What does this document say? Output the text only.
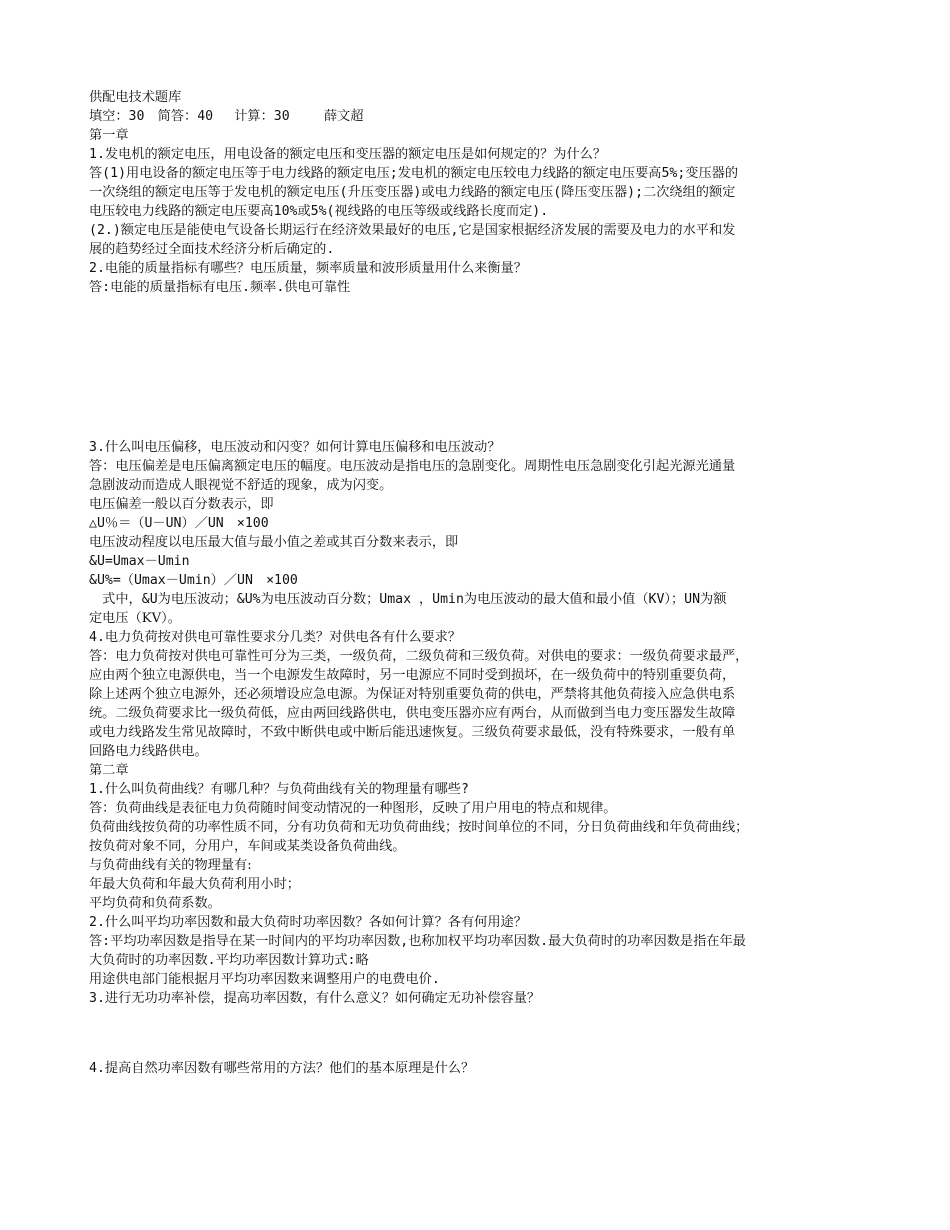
供配电技术题库

填空：30　简答：40　 计算：30 　　薛文超

第一章

1.发电机的额定电压，用电设备的额定电压和变压器的额定电压是如何规定的？为什么？

答(1)用电设备的额定电压等于电力线路的额定电压;发电机的额定电压较电力线路的额定电压要高5%;变压器的

一次绕组的额定电压等于发电机的额定电压(升压变压器)或电力线路的额定电压(降压变压器);二次绕组的额定

电压较电力线路的额定电压要高10%或5%(视线路的电压等级或线路长度而定).

(2.)额定电压是能使电气设备长期运行在经济效果最好的电压,它是国家根据经济发展的需要及电力的水平和发

展的趋势经过全面技术经济分析后确定的.

2.电能的质量指标有哪些？电压质量，频率质量和波形质量用什么来衡量？

答:电能的质量指标有电压.频率.供电可靠性

3.什么叫电压偏移，电压波动和闪变？如何计算电压偏移和电压波动？

答：电压偏差是电压偏离额定电压的幅度。电压波动是指电压的急剧变化。周期性电压急剧变化引起光源光通量

急剧波动而造成人眼视觉不舒适的现象，成为闪变。

电压偏差一般以百分数表示，即

△U％＝（U－UN）／UN　×100

电压波动程度以电压最大值与最小值之差或其百分数来表示，即

&U=Umax－Umin

&U%=（Umax－Umin）／UN　×100

　式中，&U为电压波动；&U%为电压波动百分数；Umax ，Umin为电压波动的最大值和最小值（KV）；UN为额

定电压（KV）。

4.电力负荷按对供电可靠性要求分几类？对供电各有什么要求？

答：电力负荷按对供电可靠性可分为三类，一级负荷，二级负荷和三级负荷。对供电的要求：一级负荷要求最严，

应由两个独立电源供电，当一个电源发生故障时，另一电源应不同时受到损坏，在一级负荷中的特别重要负荷，

除上述两个独立电源外，还必须增设应急电源。为保证对特别重要负荷的供电，严禁将其他负荷接入应急供电系

统。二级负荷要求比一级负荷低，应由两回线路供电，供电变压器亦应有两台，从而做到当电力变压器发生故障

或电力线路发生常见故障时，不致中断供电或中断后能迅速恢复。三级负荷要求最低，没有特殊要求，一般有单

回路电力线路供电。

第二章

1.什么叫负荷曲线？有哪几种？与负荷曲线有关的物理量有哪些?

答：负荷曲线是表征电力负荷随时间变动情况的一种图形，反映了用户用电的特点和规律。

负荷曲线按负荷的功率性质不同，分有功负荷和无功负荷曲线；按时间单位的不同，分日负荷曲线和年负荷曲线；

按负荷对象不同，分用户，车间或某类设备负荷曲线。

与负荷曲线有关的物理量有:

年最大负荷和年最大负荷利用小时；

平均负荷和负荷系数。

2.什么叫平均功率因数和最大负荷时功率因数？各如何计算？各有何用途？

答:平均功率因数是指导在某一时间内的平均功率因数,也称加权平均功率因数.最大负荷时的功率因数是指在年最

大负荷时的功率因数.平均功率因数计算功式:略

用途供电部门能根据月平均功率因数来调整用户的电费电价.

3.进行无功功率补偿，提高功率因数，有什么意义？如何确定无功补偿容量？

4.提高自然功率因数有哪些常用的方法？他们的基本原理是什么？
